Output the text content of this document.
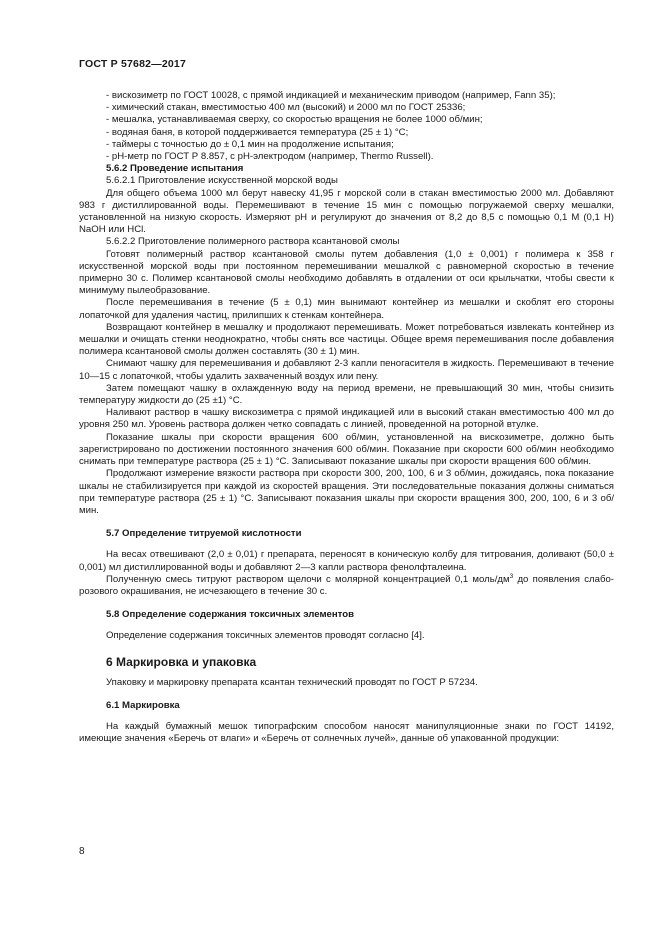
ГОСТ Р 57682—2017

- вискозиметр по ГОСТ 10028, с прямой индикацией и механическим приводом (например, Fann 35);

- химический стакан, вместимостью 400 мл (высокий) и 2000 мл по ГОСТ 25336;

- мешалка, устанавливаемая сверху, со скоростью вращения не более 1000 об/мин;

- водяная баня, в которой поддерживается температура (25 ± 1) °С;

- таймеры с точностью до ± 0,1 мин на продолжение испытания;

- рН-метр по ГОСТ Р 8.857, с рН-электродом (например, Thermo Russell).

5.6.2 Проведение испытания

5.6.2.1 Приготовление искусственной морской воды

Для общего объема 1000 мл берут навеску 41,95 г морской соли в стакан вместимостью 2000 мл. Добавляют 983 г дистиллированной воды. Перемешивают в течение 15 мин с помощью погружаемой сверху мешалки, установленной на низкую скорость. Измеряют рН и регулируют до значения от 8,2 до 8,5 с помощью 0,1 М (0,1 Н) NaOH или HCl.

5.6.2.2 Приготовление полимерного раствора ксантановой смолы

Готовят полимерный раствор ксантановой смолы путем добавления (1,0 ± 0,001) г полимера к 358 г искусственной морской воды при постоянном перемешивании мешалкой с равномерной скоростью в течение примерно 30 с. Полимер ксантановой смолы необходимо добавлять в отдалении от оси крыльчатки, чтобы свести к минимуму пылеобразование.

После перемешивания в течение (5 ± 0,1) мин вынимают контейнер из мешалки и скоблят его стороны лопаточкой для удаления частиц, прилипших к стенкам контейнера.

Возвращают контейнер в мешалку и продолжают перемешивать. Может потребоваться извлекать контейнер из мешалки и очищать стенки неоднократно, чтобы снять все частицы. Общее время перемешивания после добавления полимера ксантановой смолы должен составлять (30 ± 1) мин.

Снимают чашку для перемешивания и добавляют 2-3 капли пеногасителя в жидкость. Перемешивают в течение 10—15 с лопаточкой, чтобы удалить захваченный воздух или пену.

Затем помещают чашку в охлажденную воду на период времени, не превышающий 30 мин, чтобы снизить температуру жидкости до (25 ±1) °С.

Наливают раствор в чашку вискозиметра с прямой индикацией или в высокий стакан вместимостью 400 мл до уровня 250 мл. Уровень раствора должен четко совпадать с линией, проведенной на роторной втулке.

Показание шкалы при скорости вращения 600 об/мин, установленной на вискозиметре, должно быть зарегистрировано по достижении постоянного значения 600 об/мин. Показание при скорости 600 об/мин необходимо снимать при температуре раствора (25 ± 1) °С. Записывают показание шкалы при скорости вращения 600 об/мин.

Продолжают измерение вязкости раствора при скорости 300, 200, 100, 6 и 3 об/мин, дожидаясь, пока показание шкалы не стабилизируется при каждой из скоростей вращения. Эти последовательные показания должны сниматься при температуре раствора (25 ± 1) °С. Записывают показания шкалы при скорости вращения 300, 200, 100, 6 и 3 об/мин.

5.7 Определение титруемой кислотности

На весах отвешивают (2,0 ± 0,01) г препарата, переносят в коническую колбу для титрования, доливают (50,0 ± 0,001) мл дистиллированной воды и добавляют 2—3 капли раствора фенолфталеина.

Полученную смесь титруют раствором щелочи с молярной концентрацией 0,1 моль/$дм^3$ до появления слабо-розового окрашивания, не исчезающего в течение 30 с.

5.8 Определение содержания токсичных элементов

Определение содержания токсичных элементов проводят согласно [4].

6 Маркировка и упаковка

Упаковку и маркировку препарата ксантан технический проводят по ГОСТ Р 57234.

6.1 Маркировка

На каждый бумажный мешок типографским способом наносят манипуляционные знаки по ГОСТ 14192, имеющие значения «Беречь от влаги» и «Беречь от солнечных лучей», данные об упакованной продукции:

8
